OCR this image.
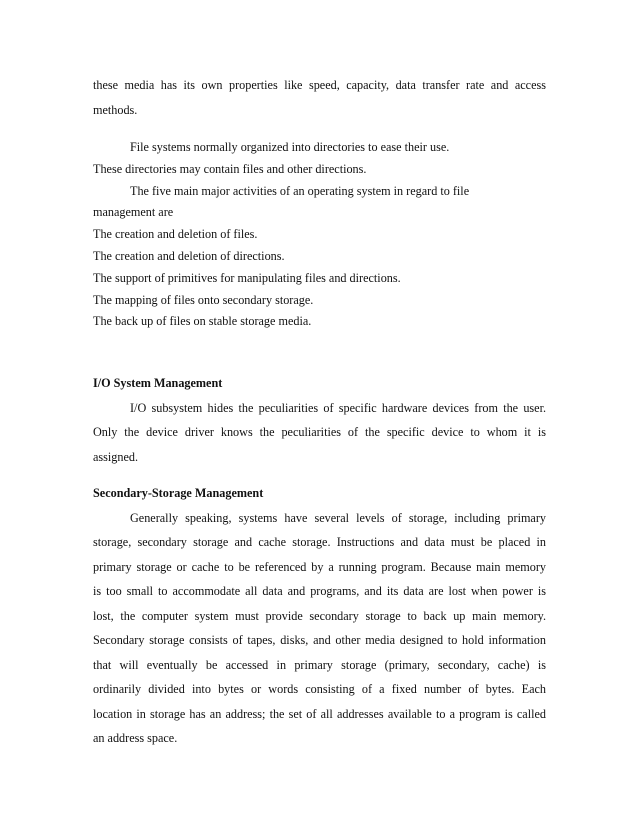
these media has its own properties like speed, capacity, data transfer rate and access
methods.
File systems normally organized into directories to ease their use.
These directories may contain files and other directions.
The five main major activities of an operating system in regard to file
management are
The creation and deletion of files.
The creation and deletion of directions.
The support of primitives for manipulating files and directions.
The mapping of files onto secondary storage.
The back up of files on stable storage media.
I/O System Management
I/O subsystem hides the peculiarities of specific hardware devices from the user.
Only the device driver knows the peculiarities of the specific device to whom it is
assigned.
Secondary-Storage Management
Generally speaking, systems have several levels of storage, including primary
storage, secondary storage and cache storage. Instructions and data must be placed in
primary storage or cache to be referenced by a running program. Because main memory
is too small to accommodate all data and programs, and its data are lost when power is
lost, the computer system must provide secondary storage to back up main memory.
Secondary storage consists of tapes, disks, and other media designed to hold information
that will eventually be accessed in primary storage (primary, secondary, cache) is
ordinarily divided into bytes or words consisting of a fixed number of bytes. Each
location in storage has an address; the set of all addresses available to a program is called
an address space.
